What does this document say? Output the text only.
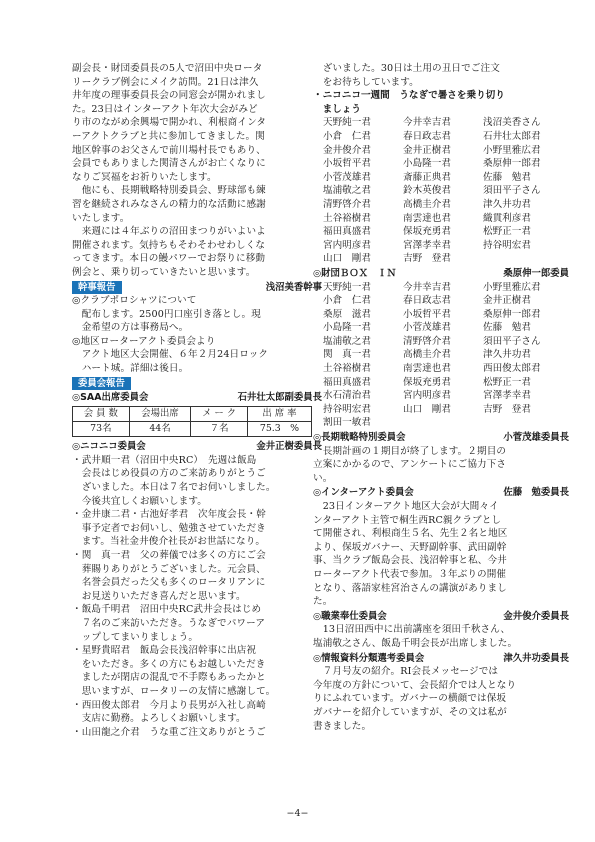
副会長・財団委員長の5人で沼田中央ロータ

リークラブ例会にメイク訪問。21日は津久

井年度の理事委員長会の同窓会が開かれまし

た。23日はインターアクト年次大会がみど

り市のながめ余興場で開かれ、利根商インタ

ーアクトクラブと共に参加してきました。関

地区幹事のお父さんで前川場村長でもあり、

会員でもありました関清さんがお亡くなりに

なりご冥福をお祈りいたします。

　他にも、長期戦略特別委員会、野球部も練

習を継続されみなさんの精力的な活動に感謝

いたします。

　来週には４年ぶりの沼田まつりがいよいよ

開催されます。気持ちもそわそわせわしくな

ってきます。本日の鰻パワーでお祭りに移動

例会と、乗り切っていきたいと思います。

幹事報告	浅沼美香幹事

◎クラブポロシャツについて

　配布します。2500円口座引き落とし。現

　金希望の方は事務局へ。

◎地区ローターアクト委員会より

　アクト地区大会開催、６年２月24日ロック

　ハート城。詳細は後日。

委員会報告
◎SAA出席委員会	石井壮太郎副委員長
会 員 数	会場出席	メ ー ク	出 席 率
73名	44名	７名	75.3　%
◎ニコニコ委員会	金井正樹委員長

・武井順一君（沼田中央RC）　先週は飯島

　会長はじめ役員の方のご来訪ありがとうご

　ざいました。本日は７名でお伺いしました。

　今後共宜しくお願いします。

・金井康二君・古池好孝君　次年度会長・幹

　事予定者でお伺いし、勉強させていただき

　ます。当社金井俊介社長がお世話になり。

・関　真一君　父の葬儀では多くの方にご会

　葬賜りありがとうございました。元会員、

　名誉会員だった父も多くのロータリアンに

　お見送りいただき喜んだと思います。

・飯島千明君　沼田中央RC武井会長はじめ

　７名のご来訪いただき。うなぎでパワーア

　ップしてまいりましょう。

・星野貴昭君　飯島会長浅沼幹事に出店祝

　をいただき。多くの方にもお越しいただき

　ましたが閉店の混乱で不手際もあったかと

　思いますが、ロータリーの友情に感謝して。

・西田俊太郎君　今月より長男が入社し高崎

　支店に勤務。よろしくお願いします。

・山田龍之介君　うな重ご注文ありがとうご

　ざいました。30日は土用の丑日でご注文

　をお待ちしています。

・ニコニコ一週間　うなぎで暑さを乗り切り

　ましょう

天野純一君	今井幸吉君	浅沼美香さん
小倉　仁君	春日政志君	石井壮太郎君
金井俊介君	金井正樹君	小野里雅広君
小坂哲平君	小島隆一君	桑原伸一郎君
小菅茂雄君	斎藤正典君	佐藤　勉君
塩浦敬之君	鈴木英俊君	須田平子さん
清野啓介君	高橋圭介君	津久井功君
土谷裕樹君	南雲達也君	織貫利彦君
福田真盛君	保坂充勇君	松野正一君
宮内明彦君	宮澤孝幸君	持谷明宏君
山口　剛君	吉野　登君
◎財団ＢＯＸ　ＩＮ	桑原伸一郎委員
天野純一君	今井幸吉君	小野里雅広君
小倉　仁君	春日政志君	金井正樹君
桑原　滋君	小坂哲平君	桑原伸一郎君
小島隆一君	小菅茂雄君	佐藤　勉君
塩浦敬之君	清野啓介君	須田平子さん
関　真一君	高橋圭介君	津久井功君
土谷裕樹君	南雲達也君	西田俊太郎君
福田真盛君	保坂充勇君	松野正一君
水石清治君	宮内明彦君	宮澤孝幸君
持谷明宏君	山口　剛君	吉野　登君
割田一敏君
◎長期戦略特別委員会	小菅茂雄委員長

　長期計画の１期目が終了します。２期目の

立案にかかるので、アンケートにご協力下さ

い。

◎インターアクト委員会	佐藤　勉委員長

　23日インターアクト地区大会が大間々イ

ンターアクト主管で桐生西RC親クラブとし

て開催され、利根商生５名、先生２名と地区

より、保坂ガバナー、天野副幹事、武田副幹

事、当クラブ飯島会長、浅沼幹事と私、今井

ローターアクト代表で参加。３年ぶりの開催

となり、落語家桂宮治さんの講演がありまし

た。

◎職業奉仕委員会	金井俊介委員長

　13日沼田西中に出前講座を須田千秋さん、

塩浦敬之さん、飯島千明会長が出席しました。

◎情報資料分類選考委員会	津久井功委員長

　７月号友の紹介。RI会長メッセージでは

今年度の方針について、会長紹介では人となり

りにふれています。ガバナーの横顔では保坂

ガバナーを紹介していますが、その文は私が

書きました。

−4−
